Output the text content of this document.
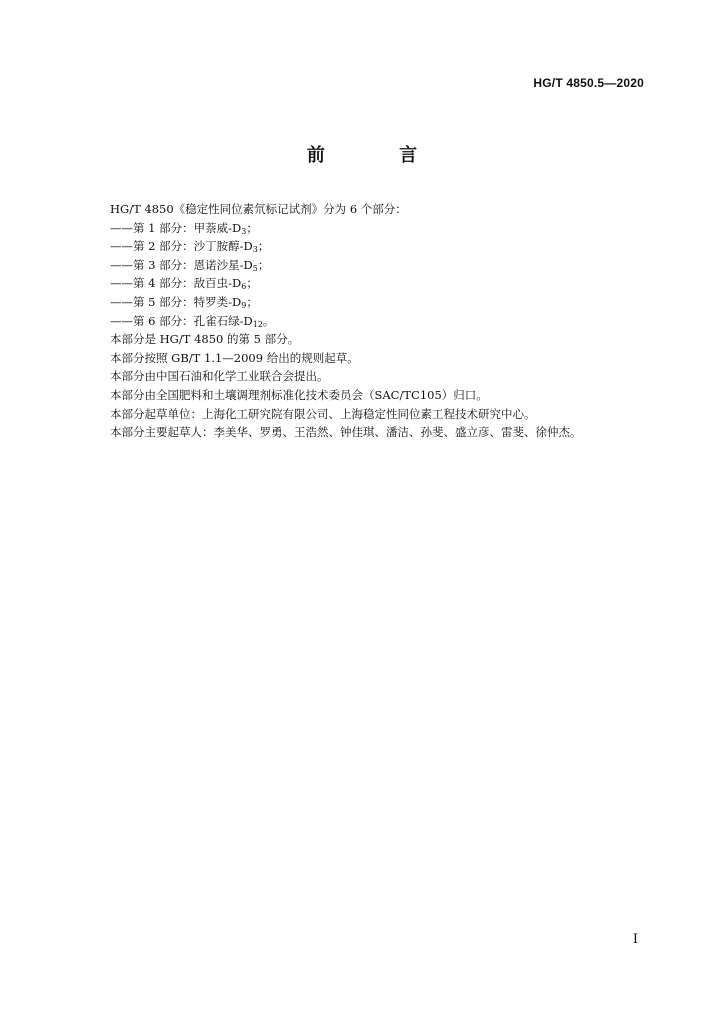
HG/T 4850.5—2020
前 言
HG/T 4850《稳定性同位素氘标记试剂》分为 6 个部分：
——第 1 部分：甲萘威$-D_3$；
——第 2 部分：沙丁胺醇$-D_3$；
——第 3 部分：恩诺沙星$-D_5$；
——第 4 部分：敌百虫$-D_6$；
——第 5 部分：特罗类$-D_9$；
——第 6 部分：孔雀石绿$-D_{12}$。
本部分是 HG/T 4850 的第 5 部分。
本部分按照 GB/T 1.1—2009 给出的规则起草。
本部分由中国石油和化学工业联合会提出。
本部分由全国肥料和土壤调理剂标准化技术委员会（SAC/TC105）归口。
本部分起草单位：上海化工研究院有限公司、上海稳定性同位素工程技术研究中心。
本部分主要起草人：李美华、罗勇、王浩然、钟佳琪、潘洁、孙斐、盛立彦、雷斐、徐仲杰。
I
